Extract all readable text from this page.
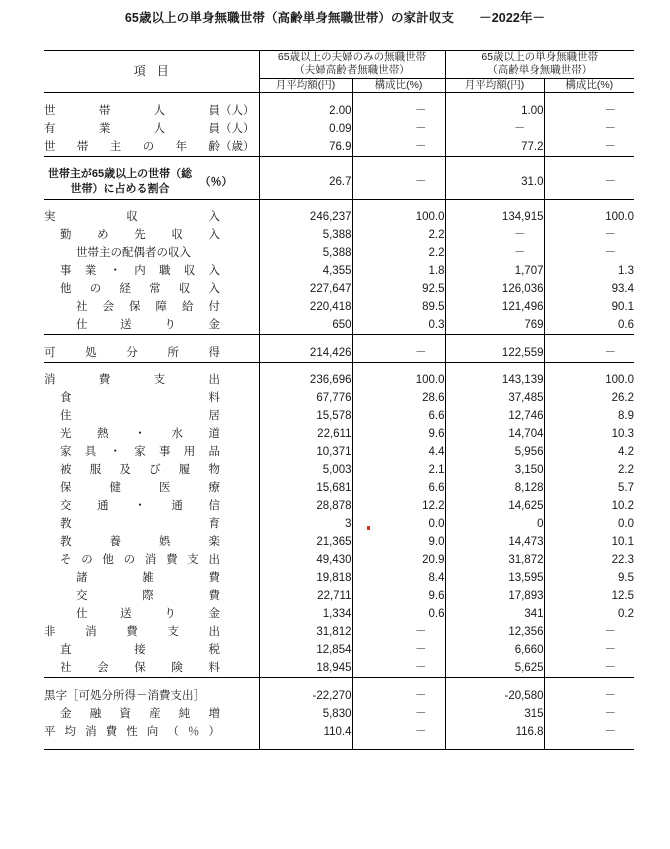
65歳以上の単身無職世帯（高齢単身無職世帯）の家計収支　　－2022年－
項目	
65歳以上の夫婦のみの無職世帯
（夫婦高齢者無職世帯）

65歳以上の単身無職世帯
（高齢単身無職世帯）

	月平均額(円)	構成比(%)	月平均額(円)	構成比(%)

世帯人員（人）	2.00	－	1.00	－
有業人員（人）	0.09	－	－	－
世帯主の年齢（歳）	76.9	－	77.2	－

世帯主が65歳以上の世帯（総世帯）に占める割合（％）	26.7	－	31.0	－

実収入	246,237	100.0	134,915	100.0
勤め先収入	5,388	2.2	－	－
世帯主の配偶者の収入	5,388	2.2	－	－
事業・内職収入	4,355	1.8	1,707	1.3
他の経常収入	227,647	92.5	126,036	93.4
社会保障給付	220,418	89.5	121,496	90.1
仕送り金	650	0.3	769	0.6

可処分所得	214,426	－	122,559	－

消費支出	236,696	100.0	143,139	100.0
食料	67,776	28.6	37,485	26.2
住居	15,578	6.6	12,746	8.9
光熱・水道	22,611	9.6	14,704	10.3
家具・家事用品	10,371	4.4	5,956	4.2
被服及び履物	5,003	2.1	3,150	2.2
保健医療	15,681	6.6	8,128	5.7
交通・通信	28,878	12.2	14,625	10.2
教育	3	0.0	0	0.0
教養娯楽	21,365	9.0	14,473	10.1
その他の消費支出	49,430	20.9	31,872	22.3
諸雑費	19,818	8.4	13,595	9.5
交際費	22,711	9.6	17,893	12.5
仕送り金	1,334	0.6	341	0.2
非消費支出	31,812	－	12,356	－
直接税	12,854	－	6,660	－
社会保険料	18,945	－	5,625	－

黒字［可処分所得－消費支出］	-22,270	－	-20,580	－
金融資産純増	5,830	－	315	－
平均消費性向（％）	110.4	－	116.8	－
